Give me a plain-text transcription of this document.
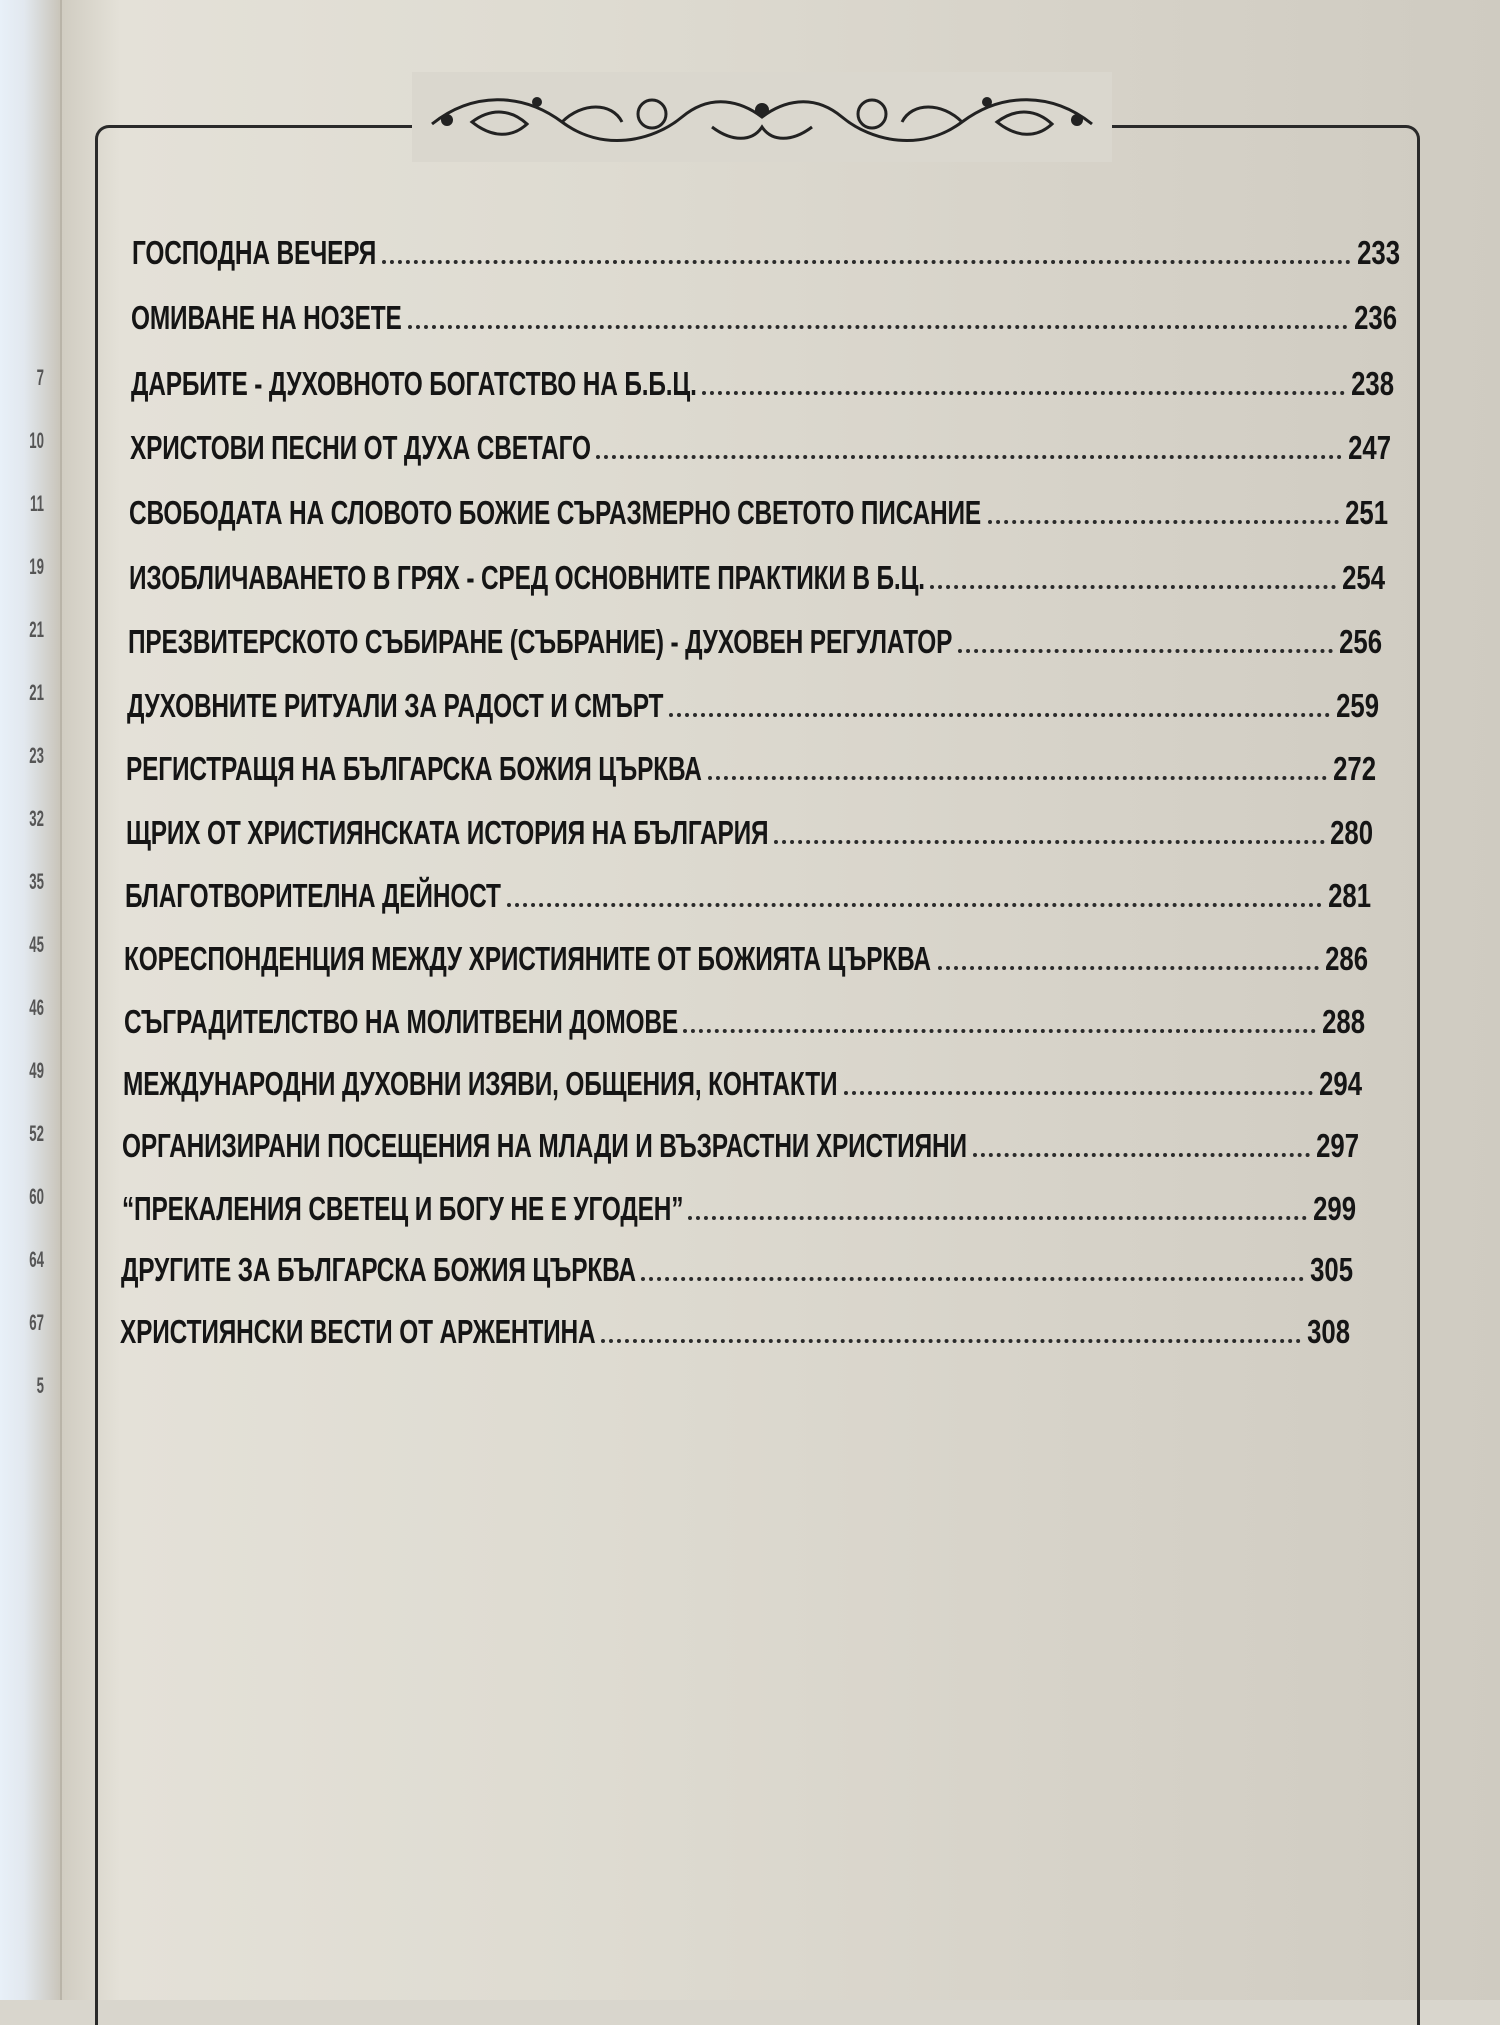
7
10
11
19
21
21
23
32
35
45
46
49
52
60
64
67
5
ГОСПОДНА ВЕЧЕРЯ	233
ОМИВАНЕ НА НОЗЕТЕ	236
ДАРБИТЕ - ДУХОВНОТО БОГАТСТВО НА Б.Б.Ц.	238
ХРИСТОВИ ПЕСНИ ОТ ДУХА СВЕТАГО	247
СВОБОДАТА НА СЛОВОТО БОЖИЕ СЪРАЗМЕРНО СВЕТОТО ПИСАНИЕ	251
ИЗОБЛИЧАВАНЕТО В ГРЯХ - СРЕД ОСНОВНИТЕ ПРАКТИКИ В Б.Ц.	254
ПРЕЗВИТЕРСКОТО СЪБИРАНЕ (СЪБРАНИЕ) - ДУХОВЕН РЕГУЛАТОР	256
ДУХОВНИТЕ РИТУАЛИ ЗА РАДОСТ И СМЪРТ	259
РЕГИСТРАЩЯ НА БЪЛГАРСКА БОЖИЯ ЦЪРКВА	272
ЩРИХ ОТ ХРИСТИЯНСКАТА ИСТОРИЯ НА БЪЛГАРИЯ	280
БЛАГОТВОРИТЕЛНА ДЕЙНОСТ	281
КОРЕСПОНДЕНЦИЯ МЕЖДУ ХРИСТИЯНИТЕ ОТ БОЖИЯТА ЦЪРКВА	286
СЪГРАДИТЕЛСТВО НА МОЛИТВЕНИ ДОМОВЕ	288
МЕЖДУНАРОДНИ ДУХОВНИ ИЗЯВИ, ОБЩЕНИЯ, КОНТАКТИ	294
ОРГАНИЗИРАНИ ПОСЕЩЕНИЯ НА МЛАДИ И ВЪЗРАСТНИ ХРИСТИЯНИ	297
“ПРЕКАЛЕНИЯ СВЕТЕЦ И БОГУ НЕ Е УГОДЕН”	299
ДРУГИТЕ ЗА БЪЛГАРСКА БОЖИЯ ЦЪРКВА	305
ХРИСТИЯНСКИ ВЕСТИ ОТ АРЖЕНТИНА	308
